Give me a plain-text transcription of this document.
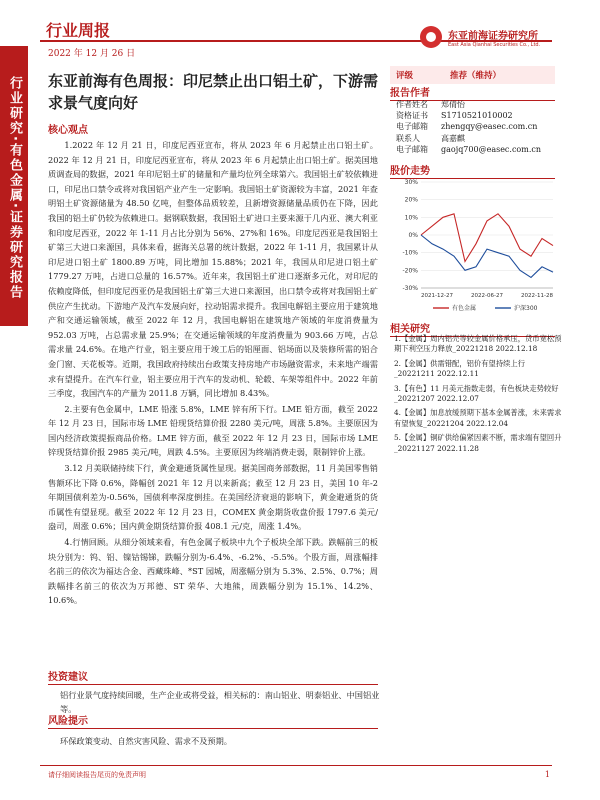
行业研究·有色金属·证券研究报告
行业周报
2022 年 12 月 26 日
东亚前海证券研究所
East Asia Qianhai Securities Co., Ltd.
东亚前海有色周报：印尼禁止出口铝土矿，下游需求景气度向好
核心观点

1.2022 年 12 月 21 日，印度尼西亚宣布，将从 2023 年 6 月起禁止出口铝土矿。2022 年 12 月 21 日，印度尼西亚宣布，将从 2023 年 6 月起禁止出口铝土矿。据美国地质调查局的数据，2021 年印尼铝土矿的储量和产量均位列全球第六。我国铝土矿较依赖进口，印尼出口禁令或将对我国铝产业产生一定影响。我国铝土矿资源较为丰富，2021 年查明铝土矿资源储量为 48.50 亿吨，但整体品质较差，且新增资源储量品质仍在下降，因此我国的铝土矿仍较为依赖进口。据钢联数据，我国铝土矿进口主要来源于几内亚、澳大利亚和印度尼西亚，2022 年 1-11 月占比分别为 56%、27%和 16%。印度尼西亚是我国铝土矿第三大进口来源国，具体来看，据海关总署的统计数据，2022 年 1-11 月，我国累计从印尼进口铝土矿 1800.89 万吨，同比增加 15.88%；2021 年，我国从印尼进口铝土矿 1779.27 万吨，占进口总量的 16.57%。近年来，我国铝土矿进口逐渐多元化，对印尼的依赖度降低，但印度尼西亚仍是我国铝土矿第三大进口来源国，出口禁令或将对我国铝土矿供应产生扰动。下游地产及汽车发展向好，拉动铝需求提升。我国电解铝主要应用于建筑地产和交通运输领域，截至 2022 年 12 月，我国电解铝在建筑地产领域的年度消费量为 952.03 万吨，占总需求量 25.9%；在交通运输领域的年度消费量为 903.66 万吨，占总需求量 24.6%。在地产行业，铝主要应用于竣工后的铝厘面、铝场面以及装修所需的铝合金门窗、天花板等。近期，我国政府持续出台政策支持房地产市场融资需求，未来地产端需求有望提升。在汽车行业，铝主要应用于汽车的发动机、轮毂、车架等组件中。2022 年前三季度，我国汽车的产量为 2011.8 万辆，同比增加 8.43%。

2.主要有色金属中，LME 铅涨 5.8%，LME 锌有所下行。LME 铅方面，截至 2022 年 12 月 23 日，国际市场 LME 铅现货结算价报 2280 美元/吨，周涨 5.8%。主要原因为国内经济政策提振商品价格。LME 锌方面，截至 2022 年 12 月 23 日，国际市场 LME 锌现货结算价报 2985 美元/吨，周跌 4.5%。主要原因为终端消费走弱，限制锌价上涨。

3.12 月美联储持续下行，黄金避通货属性显现。据美国商务部数据，11 月美国零售销售额环比下降 0.6%，降幅创 2021 年 12 月以来新高；截至 12 月 23 日，美国 10 年-2 年期国债利差为-0.56%，国债利率深度倒挂。在美国经济衰退的影响下，黄金避通货的货币属性有望显现。截至 2022 年 12 月 23 日，COMEX 黄金期货收盘价报 1797.6 美元/盎司，周涨 0.6%；国内黄金期货结算价报 408.1 元/克，周涨 1.4%。

4.行情回顾。从细分领域来看，有色金属子板块中九个子板块全部下跌。跌幅前三的板块分别为：钨、铝、镍钴锡锑，跌幅分别为-6.4%、-6.2%、-5.5%。个股方面，周涨幅排名前三的依次为福达合金、西藏珠峰、*ST 园城，周涨幅分别为 5.3%、2.5%、0.7%；周跌幅排名前三的依次为万邦德、ST 荣华、大地熊，周跌幅分别为 15.1%、14.2%、10.6%。

投资建议
铝行业景气度持续回暖，生产企业或将受益，相关标的：南山铝业、明泰铝业、中国铝业等。
风险提示
环保政策变动、自然灾害风险、需求不及预期。
请仔细阅读报告尾页的免责声明	1
评级	推荐（维持）
报告作者
作者姓名	郑倩怡
资格证书	S1710521010002
电子邮箱	zhengqy@easec.com.cn
联系人	高嘉麒
电子邮箱	gaojq700@easec.com.cn
股价走势
30%
20%
10%
0%
-10%
-20%
-30%
2021-12-27	2022-06-27	2022-11-28
有色金属	沪深300
相关研究
1.【金属】周内铝壳等较金属价格承压，货币宽松预期下利空压力释放_20221218 2022.12.18
2.【金属】供需错配，铝价有望持续上行_20221211 2022.12.11
3.【有色】11 月美元指数走弱，有色板块走势较好_20221207 2022.12.07
4.【金属】加息放缓预期下基本金属普涨，未来需求有望恢复_20221204 2022.12.04
5.【金属】铜矿供给偏紧因素不断，需求端有望回升_20221127 2022.11.28
